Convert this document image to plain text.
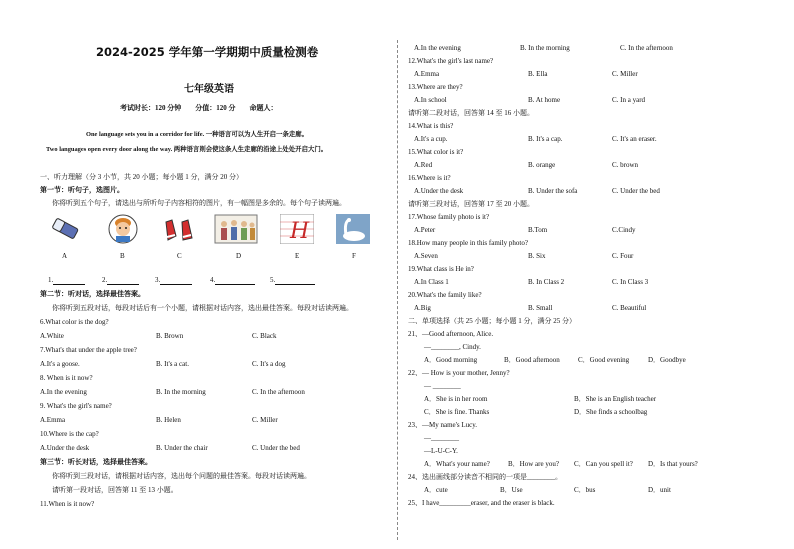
2024-2025 学年第一学期期中质量检测卷
七年级英语
考试时长：120 分钟　　分值：120 分　　命题人：
One language sets you in a corridor for life. 一种语言可以为人生开启一条走廊。
Two languages open every door along the way. 两种语言则会使这条人生走廊的沿途上处处开启大门。
一、听力理解（分 3 小节，共 20 小题；每小题 1 分，满分 20 分）
第一节：听句子，选图片。
你将听到五个句子，请选出与所听句子内容相符的图片，有一幅图是多余的。每个句子读两遍。
H
A	B	C	D	E	F
1.	2.	3.	4.	5.
第二节：听对话，选择最佳答案。
你将听到五段对话，每段对话后有一个小题，请根据对话内容，选出最佳答案。每段对话读两遍。
6.What color is the dog?
A.White	B. Brown	C. Black
7.What's that under the apple tree?
A.It's a goose.	B. It's a cat.	C. It's a dog
8. When is it now?
A.In the evening	B. In the morning	C. In the afternoon
9. What's the girl's name?
A.Emma	B. Helen	C. Miller
10.Where is the cap?
A.Under the desk	B. Under the chair	C. Under the bed
第三节：听长对话，选择最佳答案。
你将听到三段对话，请根据对话内容，选出每个问题的最佳答案。每段对话读两遍。
请听第一段对话，回答第 11 至 13 小题。
11.When is it now?
A.In the evening	B. In the morning	C. In the afternoon
12.What's the girl's last name?
A.Emma	B. Ella	C. Miller
13.Where are they?
A.In school	B. At home	C. In a yard
请听第二段对话，回答第 14 至 16 小题。
14.What is this?
A.It's a cup.	B. It's a cap.	C. It's an eraser.
15.What color is it?
A.Red	B. orange	C. brown
16.Where is it?
A.Under the desk	B. Under the sofa	C. Under the bed
请听第三段对话，回答第 17 至 20 小题。
17.Whose family photo is it?
A.Peter	B.Tom	C.Cindy
18.How many people in this family photo?
A.Seven	B. Six	C. Four
19.What class is He in?
A.In Class 1	B. In Class 2	C. In Class 3
20.What's the family like?
A.Big	B. Small	C. Beautiful
二、单项选择（共 25 小题；每小题 1 分，满分 25 分）
21、—Good afternoon, Alice.
—________, Cindy.
A．Good morning	B．Good afternoon	C．Good evening	D．Goodbye
22、— How is your mother, Jenny?
— ________
A．She is in her room	B．She is an English teacher
C．She is fine. Thanks	D．She finds a schoolbag
23、—My name's Lucy.
—________
—L-U-C-Y.
A．What's your name?	B．How are you? C．Can you spell it? D．Is that yours?
24、选出画线部分读音不相同的一项是________。
A．cute	B．Use	C．bus	D．unit
25、I have_________eraser, and the eraser is black.
